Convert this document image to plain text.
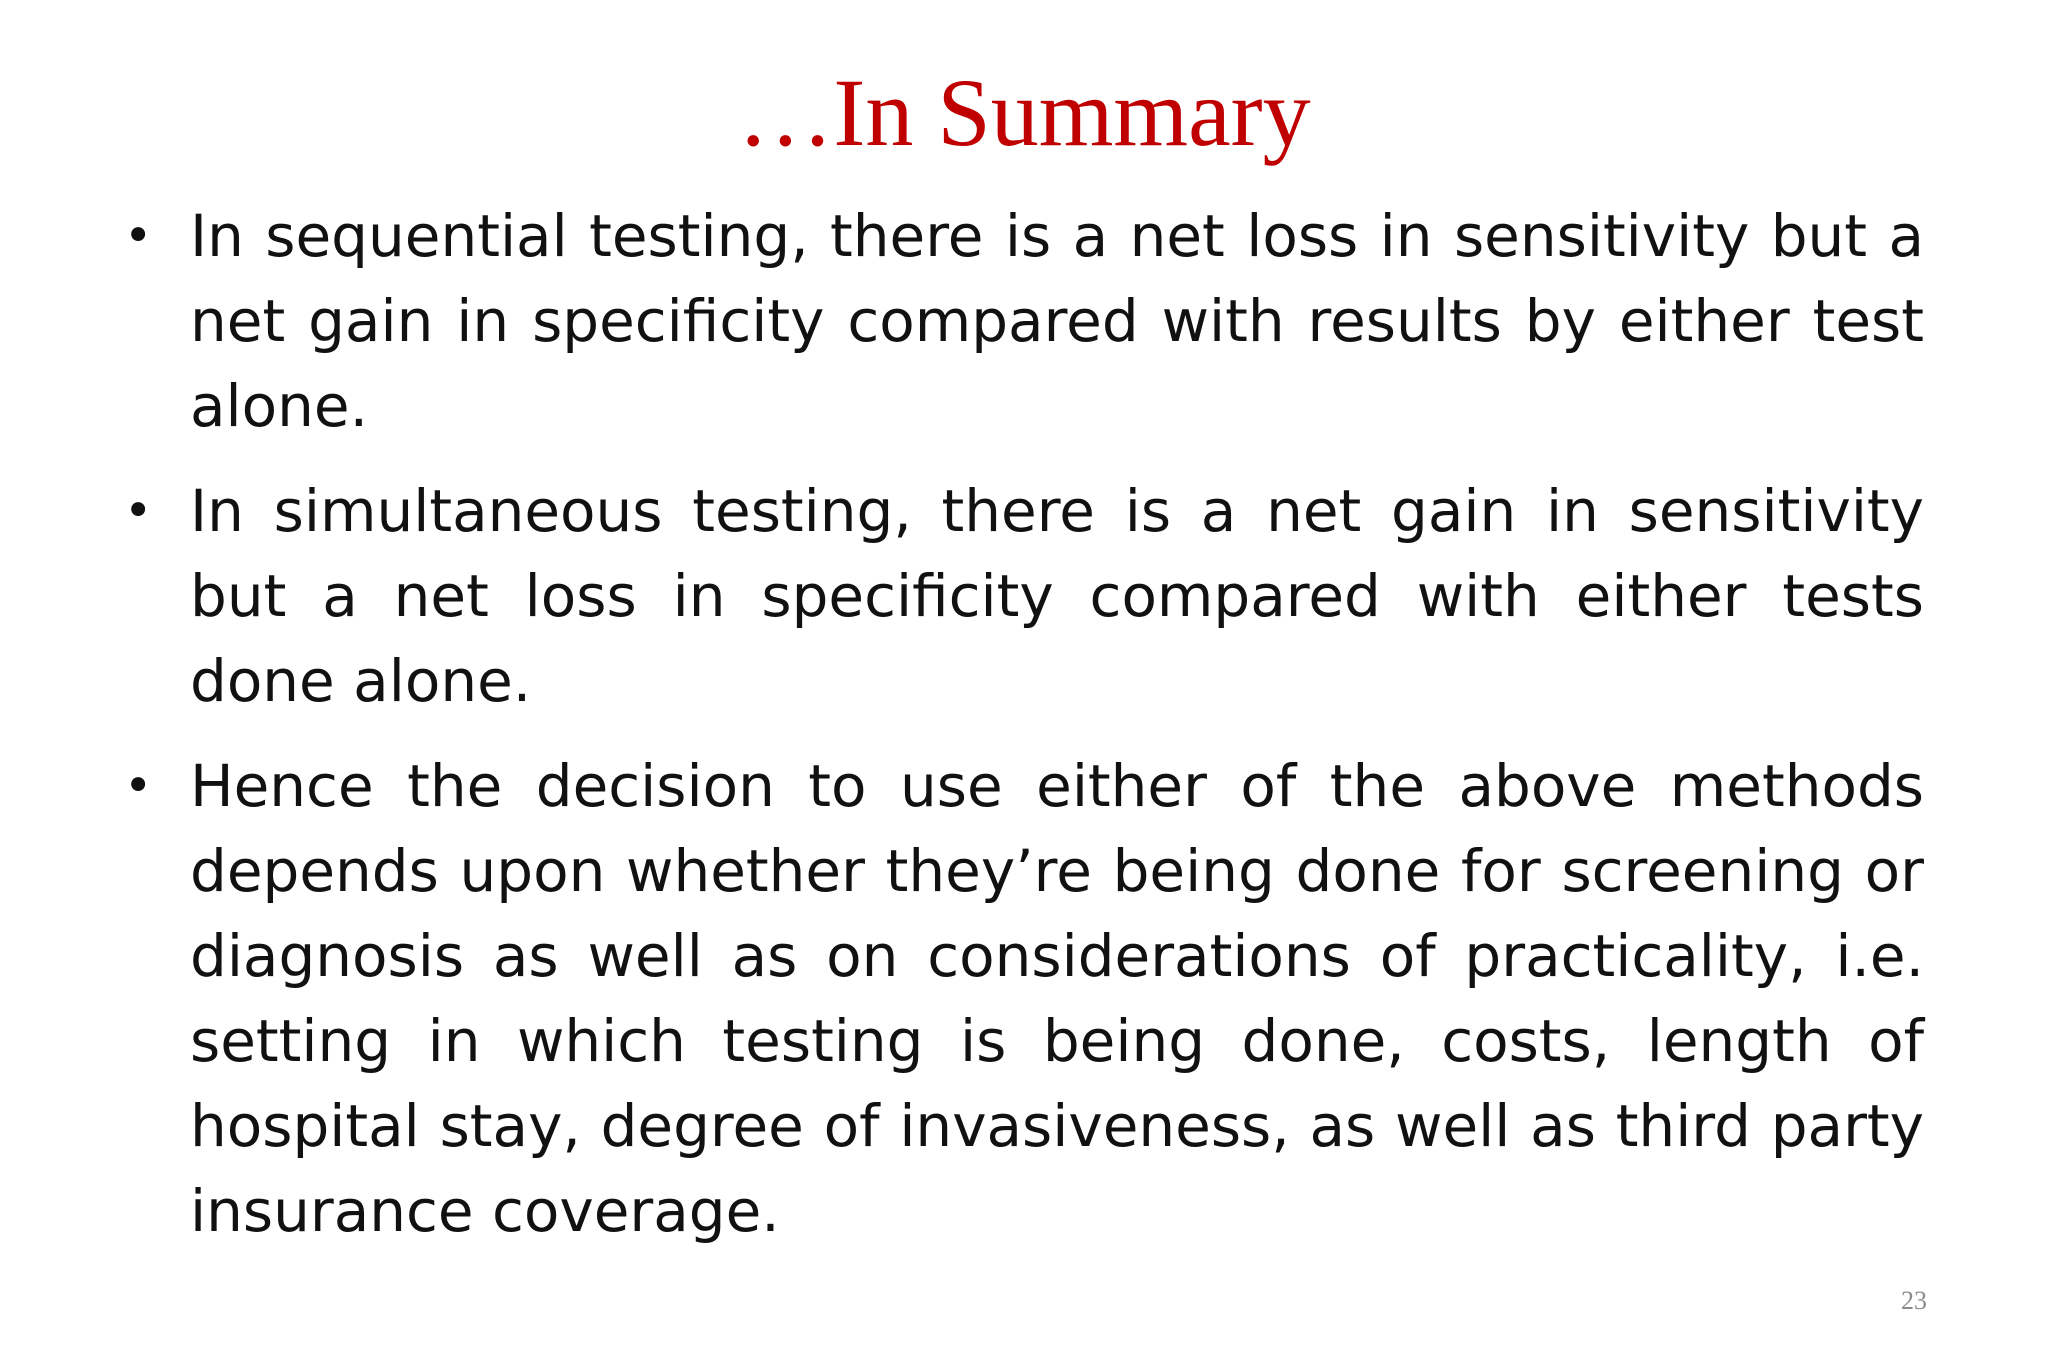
…In Summary
• In sequential testing, there is a net loss in sensitivity but a net gain in specificity compared with results by either test alone.
• In simultaneous testing, there is a net gain in sensitivity but a net loss in specificity compared with either tests done alone.
• Hence the decision to use either of the above methods depends upon whether they’re being done for screening or diagnosis as well as on considerations of practicality, i.e. setting in which testing is being done, costs, length of hospital stay, degree of invasiveness, as well as third party insurance coverage.
23
